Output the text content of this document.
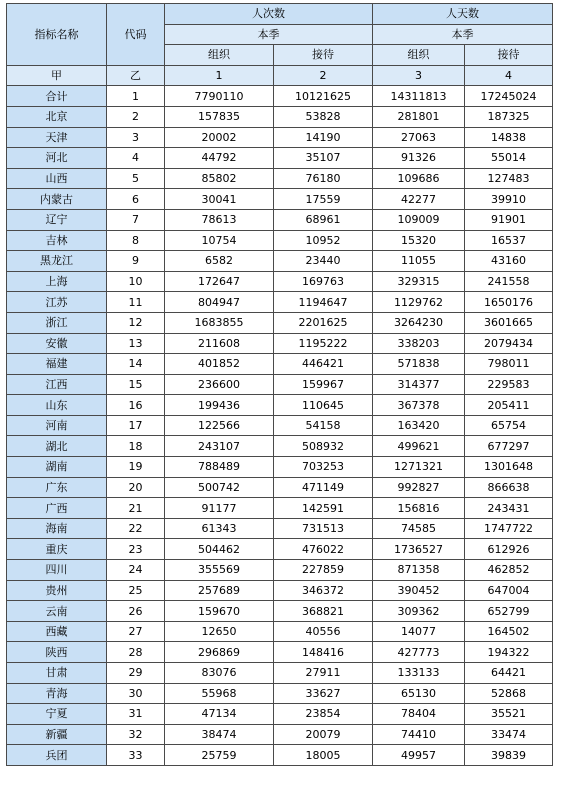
指标名称	代码	人次数		人天数	
		本季		本季	
		组织	接待	组织	接待
甲	乙	1	2	3	4
合计	1	7790110	10121625	14311813	17245024
北京	2	157835	53828	281801	187325
天津	3	20002	14190	27063	14838
河北	4	44792	35107	91326	55014
山西	5	85802	76180	109686	127483
内蒙古	6	30041	17559	42277	39910
辽宁	7	78613	68961	109009	91901
吉林	8	10754	10952	15320	16537
黑龙江	9	6582	23440	11055	43160
上海	10	172647	169763	329315	241558
江苏	11	804947	1194647	1129762	1650176
浙江	12	1683855	2201625	3264230	3601665
安徽	13	211608	1195222	338203	2079434
福建	14	401852	446421	571838	798011
江西	15	236600	159967	314377	229583
山东	16	199436	110645	367378	205411
河南	17	122566	54158	163420	65754
湖北	18	243107	508932	499621	677297
湖南	19	788489	703253	1271321	1301648
广东	20	500742	471149	992827	866638
广西	21	91177	142591	156816	243431
海南	22	61343	731513	74585	1747722
重庆	23	504462	476022	1736527	612926
四川	24	355569	227859	871358	462852
贵州	25	257689	346372	390452	647004
云南	26	159670	368821	309362	652799
西藏	27	12650	40556	14077	164502
陕西	28	296869	148416	427773	194322
甘肃	29	83076	27911	133133	64421
青海	30	55968	33627	65130	52868
宁夏	31	47134	23854	78404	35521
新疆	32	38474	20079	74410	33474
兵团	33	25759	18005	49957	39839
